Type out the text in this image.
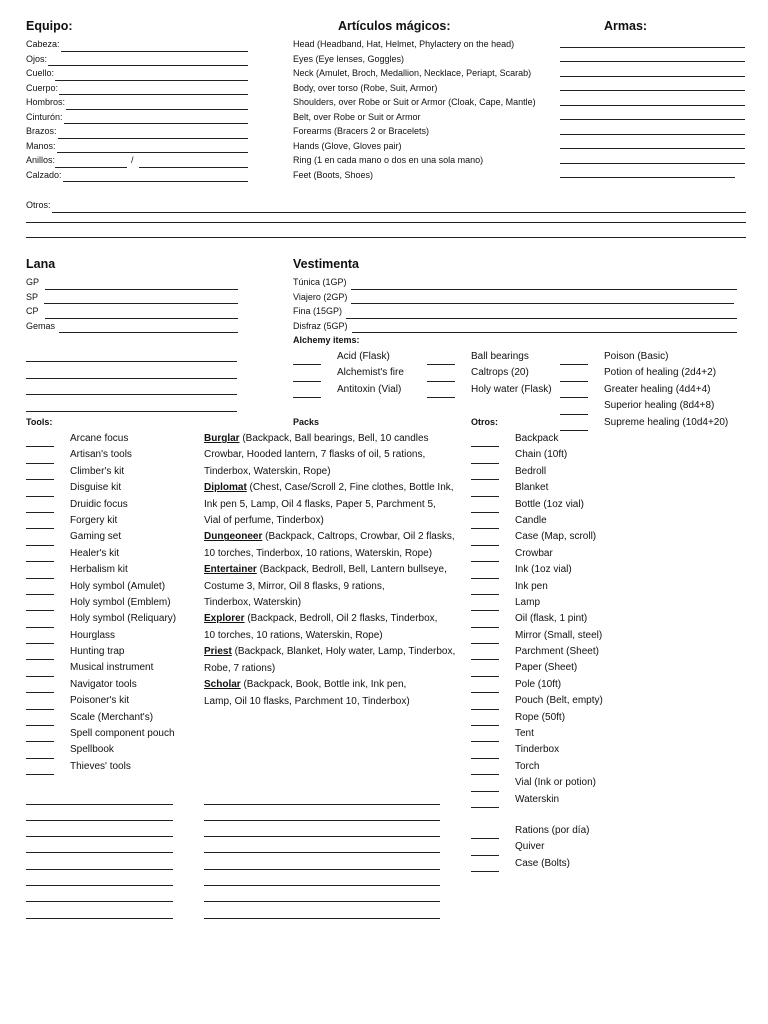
Equipo:	Artículos mágicos:	Armas:
Cabeza:
Ojos:
Cuello:
Cuerpo:
Hombros:
Cinturón:
Brazos:
Manos:
Anillos:	/
Calzado:
Head (Headband, Hat, Helmet, Phylactery on the head)
Eyes (Eye lenses, Goggles)
Neck (Amulet, Broch, Medallion, Necklace, Periapt, Scarab)
Body, over torso (Robe, Suit, Armor)
Shoulders, over Robe or Suit or Armor (Cloak, Cape, Mantle)
Belt, over Robe or Suit or Armor
Forearms (Bracers 2 or Bracelets)
Hands (Glove, Gloves pair)
Ring (1 en cada mano o dos en una sola mano)
Feet (Boots, Shoes)
Otros:
Lana
GP
SP
CP
Gemas
Vestimenta
Túnica (1GP)
Viajero (2GP)
Fina (15GP)
Disfraz (5GP)
Alchemy items:
Acid (Flask)
Alchemist's fire
Antitoxin (Vial)
Ball bearings
Caltrops (20)
Holy water (Flask)
Poison (Basic)
Potion of healing (2d4+2)
Greater healing (4d4+4)
Superior healing (8d4+8)
Supreme healing (10d4+20)
Tools:	Packs	Otros:
Arcane focus
Artisan's tools
Climber's kit
Disguise kit
Druidic focus
Forgery kit
Gaming set
Healer's kit
Herbalism kit
Holy symbol (Amulet)
Holy symbol (Emblem)
Holy symbol (Reliquary)
Hourglass
Hunting trap
Musical instrument
Navigator tools
Poisoner's kit
Scale (Merchant's)
Spell component pouch
Spellbook
Thieves' tools
Burglar (Backpack, Ball bearings, Bell, 10 candles
Crowbar, Hooded lantern, 7 flasks of oil, 5 rations,
Tinderbox, Waterskin, Rope)
Diplomat (Chest, Case/Scroll 2, Fine clothes, Bottle Ink,
Ink pen 5, Lamp, Oil 4 flasks, Paper 5, Parchment 5,
Vial of perfume, Tinderbox)
Dungeoneer (Backpack, Caltrops, Crowbar, Oil 2 flasks,
10 torches, Tinderbox, 10 rations, Waterskin, Rope)
Entertainer (Backpack, Bedroll, Bell, Lantern bullseye,
Costume 3, Mirror, Oil 8 flasks, 9 rations,
Tinderbox, Waterskin)
Explorer (Backpack, Bedroll, Oil 2 flasks, Tinderbox,
10 torches, 10 rations, Waterskin, Rope)
Priest (Backpack, Blanket, Holy water, Lamp, Tinderbox,
Robe, 7 rations)
Scholar (Backpack, Book, Bottle ink, Ink pen,
Lamp, Oil 10 flasks, Parchment 10, Tinderbox)
Backpack
Chain (10ft)
Bedroll
Blanket
Bottle (1oz vial)
Candle
Case (Map, scroll)
Crowbar
Ink (1oz vial)
Ink pen
Lamp
Oil (flask, 1 pint)
Mirror (Small, steel)
Parchment (Sheet)
Paper (Sheet)
Pole (10ft)
Pouch (Belt, empty)
Rope (50ft)
Tent
Tinderbox
Torch
Vial (Ink or potion)
Waterskin
Rations (por día)
Quiver
Case (Bolts)
